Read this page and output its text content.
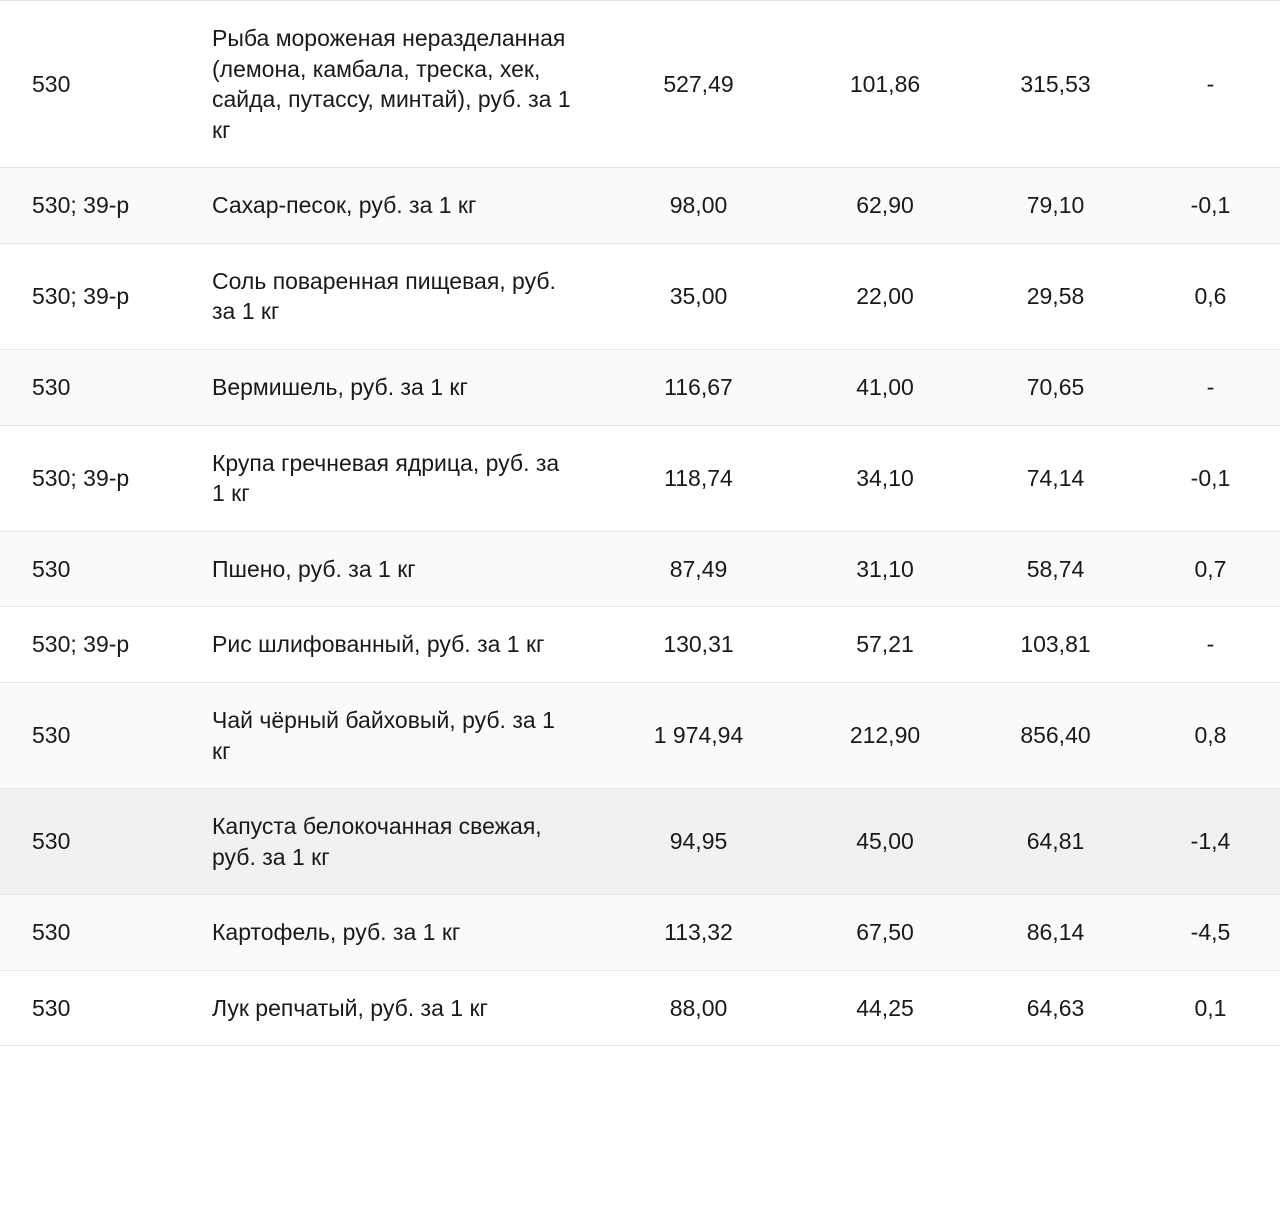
530	Рыба мороженая неразделанная (лемона, камбала, треска, хек, сайда, путассу, минтай), руб. за 1 кг	527,49	101,86	315,53	-
530; 39-р	Сахар-песок, руб. за 1 кг	98,00	62,90	79,10	-0,1
530; 39-р	Соль поваренная пищевая, руб. за 1 кг	35,00	22,00	29,58	0,6
530	Вермишель, руб. за 1 кг	116,67	41,00	70,65	-
530; 39-р	Крупа гречневая ядрица, руб. за 1 кг	118,74	34,10	74,14	-0,1
530	Пшено, руб. за 1 кг	87,49	31,10	58,74	0,7
530; 39-р	Рис шлифованный, руб. за 1 кг	130,31	57,21	103,81	-
530	Чай чёрный байховый, руб. за 1 кг	1 974,94	212,90	856,40	0,8
530	Капуста белокочанная свежая, руб. за 1 кг	94,95	45,00	64,81	-1,4
530	Картофель, руб. за 1 кг	113,32	67,50	86,14	-4,5
530	Лук репчатый, руб. за 1 кг	88,00	44,25	64,63	0,1
